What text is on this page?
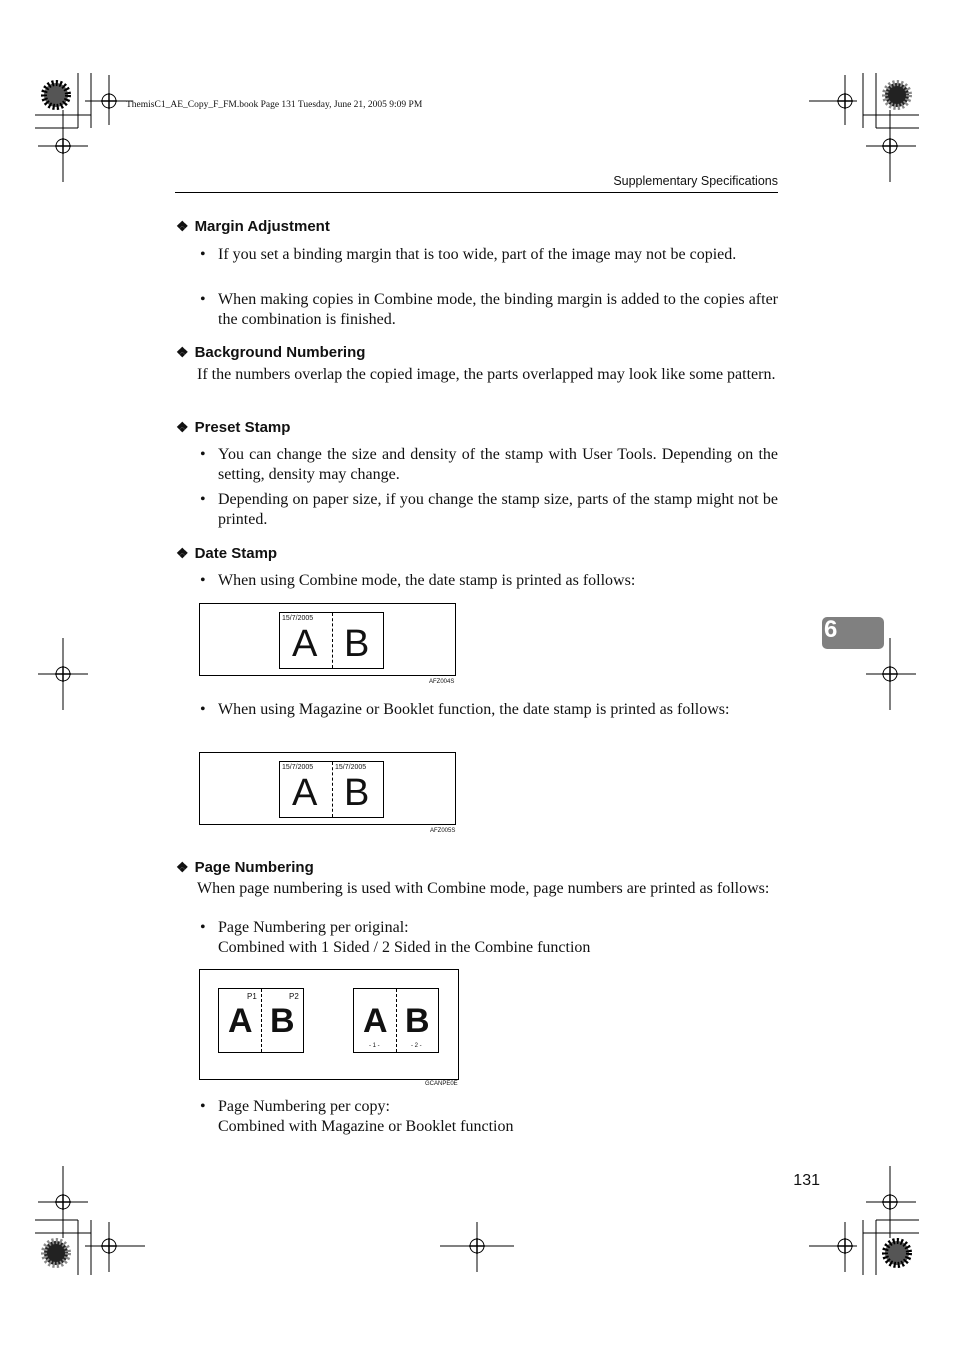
ThemisC1_AE_Copy_F_FM.book Page 131 Tuesday, June 21, 2005 9:09 PM
Supplementary Specifications
❖ Margin Adjustment
• If you set a binding margin that is too wide, part of the image may not be copied.
• When making copies in Combine mode, the binding margin is added to the copies after the combination is finished.
❖ Background Numbering
If the numbers overlap the copied image, the parts overlapped may look like some pattern.
❖ Preset Stamp
• You can change the size and density of the stamp with User Tools. Depending on the setting, density may change.
• Depending on paper size, if you change the stamp size, parts of the stamp might not be printed.
❖ Date Stamp
• When using Combine mode, the date stamp is printed as follows:
15/7/2005
A B
AFZ004S
• When using Magazine or Booklet function, the date stamp is printed as follows:
15/7/2005	15/7/2005
A B
AFZ005S
❖ Page Numbering
When page numbering is used with Combine mode, page numbers are printed as follows:
• Page Numbering per original:
Combined with 1 Sided / 2 Sided in the Combine function
P1	P2
A B A B
- 1 -	- 2 -
GCANPE0E
• Page Numbering per copy:
Combined with Magazine or Booklet function
6
131
